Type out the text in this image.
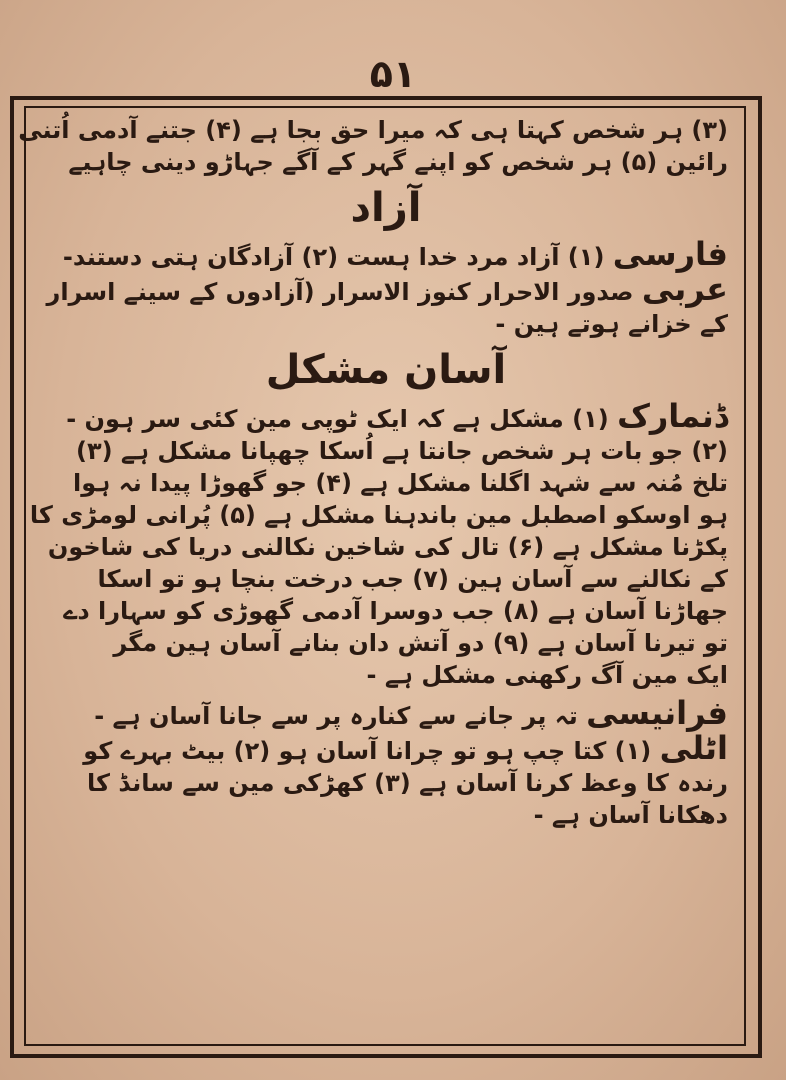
۵۱
(۳) ہر شخص کہتا ہی کہ میرا حق بجا ہے (۴) جتنے آدمی اُتنی
رائین (۵) ہر شخص کو اپنے گہر کے آگے جہاڑو دینی چاہیے
آزاد
فارسی (۱) آزاد مرد خدا ہست (۲) آزادگان ہتی دستند-
عربی صدور الاحرار کنوز الاسرار (آزادوں کے سینے اسرار
کے خزانے ہوتے ہین -
آسان مشکل
ڈنمارک (۱) مشکل ہے کہ ایک ٹوپی مین کئی سر ہون -
(۲) جو بات ہر شخص جانتا ہے اُسکا چھپانا مشکل ہے (۳)
تلخ مُنہ سے شہد اگلنا مشکل ہے (۴) جو گھوڑا پیدا نہ ہوا
ہو اوسکو اصطبل مین باندہنا مشکل ہے (۵) پُرانی لومڑی کا
پکڑنا مشکل ہے (۶) تال کی شاخین نکالنی دریا کی شاخون
کے نکالنے سے آسان ہین (۷) جب درخت بنچا ہو تو اسکا
جھاڑنا آسان ہے (۸) جب دوسرا آدمی گھوڑی کو سہارا دے
تو تیرنا آسان ہے (۹) دو آتش دان بنانے آسان ہین مگر
ایک مین آگ رکھنی مشکل ہے -
فرانیسی تہ پر جانے سے کنارہ پر سے جانا آسان ہے -
اٹلی (۱) کتا چپ ہو تو چرانا آسان ہو (۲) بیٹ بہرے کو
رندہ کا وعظ کرنا آسان ہے (۳) کھڑکی مین سے سانڈ کا
دھکانا آسان ہے -
